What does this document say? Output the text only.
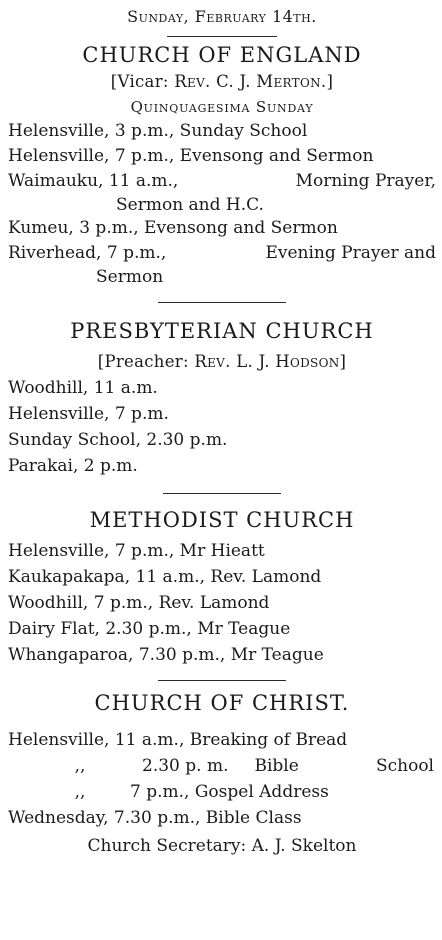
Sunday, February 14th.
CHURCH OF ENGLAND
[Vicar: Rev. C. J. Merton.]
Quinquagesima Sunday
Helensville, 3 p.m., Sunday School
Helensville, 7 p.m., Evensong and Sermon
Waimauku, 11 a.m.,	Morning Prayer,
Sermon and H.C.
Kumeu, 3 p.m., Evensong and Sermon
Riverhead, 7 p.m.,	Evening Prayer and
Sermon
PRESBYTERIAN CHURCH
[Preacher: Rev. L. J. Hodson]
Woodhill, 11 a.m.
Helensville, 7 p.m.
Sunday School, 2.30 p.m.
Parakai, 2 p.m.
METHODIST CHURCH
Helensville, 7 p.m., Mr Hieatt
Kaukapakapa, 11 a.m., Rev. Lamond
Woodhill, 7 p.m., Rev. Lamond
Dairy Flat, 2.30 p.m., Mr Teague
Whangaparoa, 7.30 p.m., Mr Teague
CHURCH OF CHRIST.
Helensville, 11 a.m., Breaking of Bread
,,	2.30 p. m. Bible	School
,,	7 p.m., Gospel Address
Wednesday, 7.30 p.m., Bible Class
Church Secretary: A. J. Skelton
